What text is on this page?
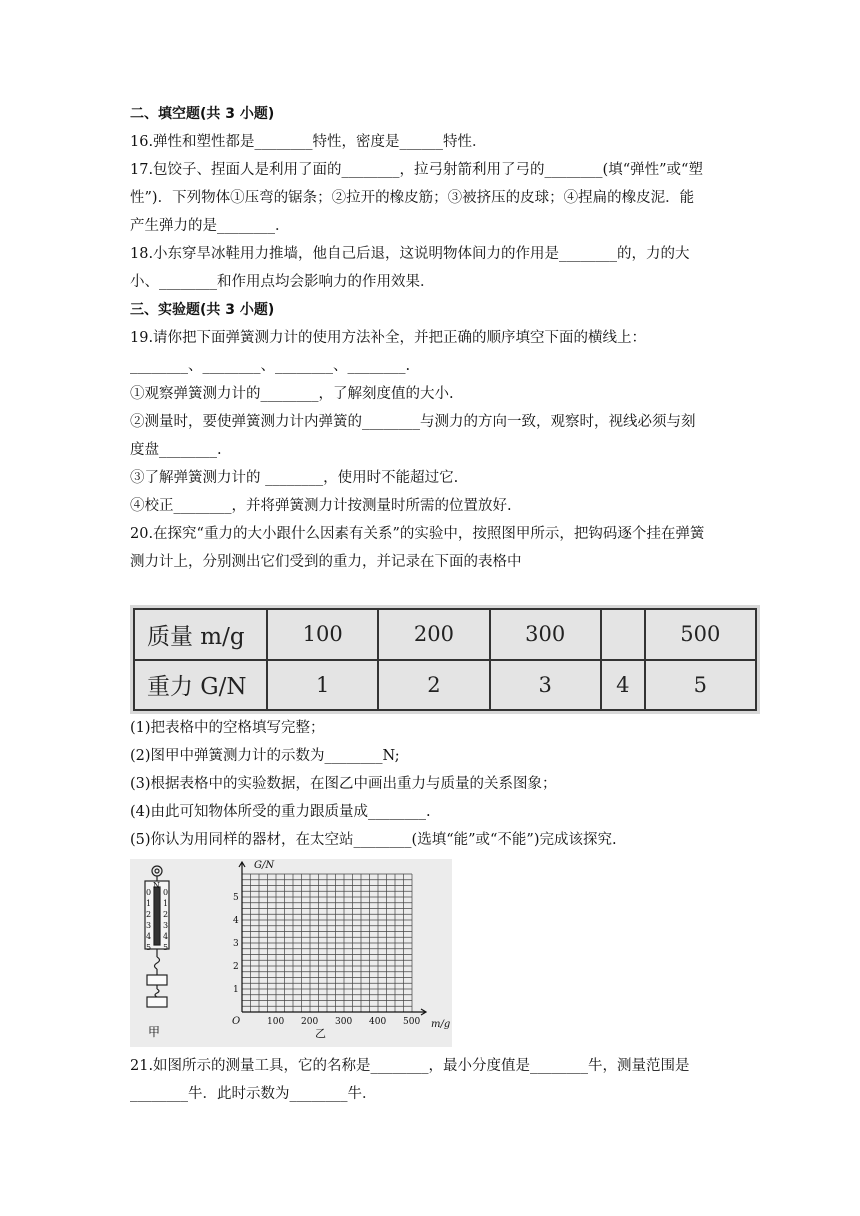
二、填空题(共 3 小题)
16.弹性和塑性都是________特性，密度是______特性．
17.包饺子、捏面人是利用了面的________，拉弓射箭利用了弓的________(填“弹性”或“塑
性”)．下列物体①压弯的锯条；②拉开的橡皮筋；③被挤压的皮球；④捏扁的橡皮泥．能
产生弹力的是________．
18.小东穿旱冰鞋用力推墙，他自己后退，这说明物体间力的作用是________的，力的大
小、________和作用点均会影响力的作用效果．
三、实验题(共 3 小题)
19.请你把下面弹簧测力计的使用方法补全，并把正确的顺序填空下面的横线上：
________、________、________、________.
①观察弹簧测力计的________，了解刻度值的大小.
②测量时，要使弹簧测力计内弹簧的________与测力的方向一致，观察时，视线必须与刻
度盘________.
③了解弹簧测力计的 ________，使用时不能超过它.
④校正________，并将弹簧测力计按测量时所需的位置放好.
20.在探究“重力的大小跟什么因素有关系”的实验中，按照图甲所示，把钩码逐个挂在弹簧
测力计上，分别测出它们受到的重力，并记录在下面的表格中
质量 m/g	100	200	300		500
重力 G/N	1	2	3	4	5
(1)把表格中的空格填写完整；
(2)图甲中弹簧测力计的示数为________N;
(3)根据表格中的实验数据，在图乙中画出重力与质量的关系图象；
(4)由此可知物体所受的重力跟质量成________.
(5)你认为用同样的器材，在太空站________(选填“能”或“不能”)完成该探究.
N
0
1
2
3
4
5
0
1
2
3
4
5
甲
G/N
m/g
O	100 200 300 400 500
1
2
3
4
5
乙
21.如图所示的测量工具，它的名称是________，最小分度值是________牛，测量范围是
________牛．此时示数为________牛．
